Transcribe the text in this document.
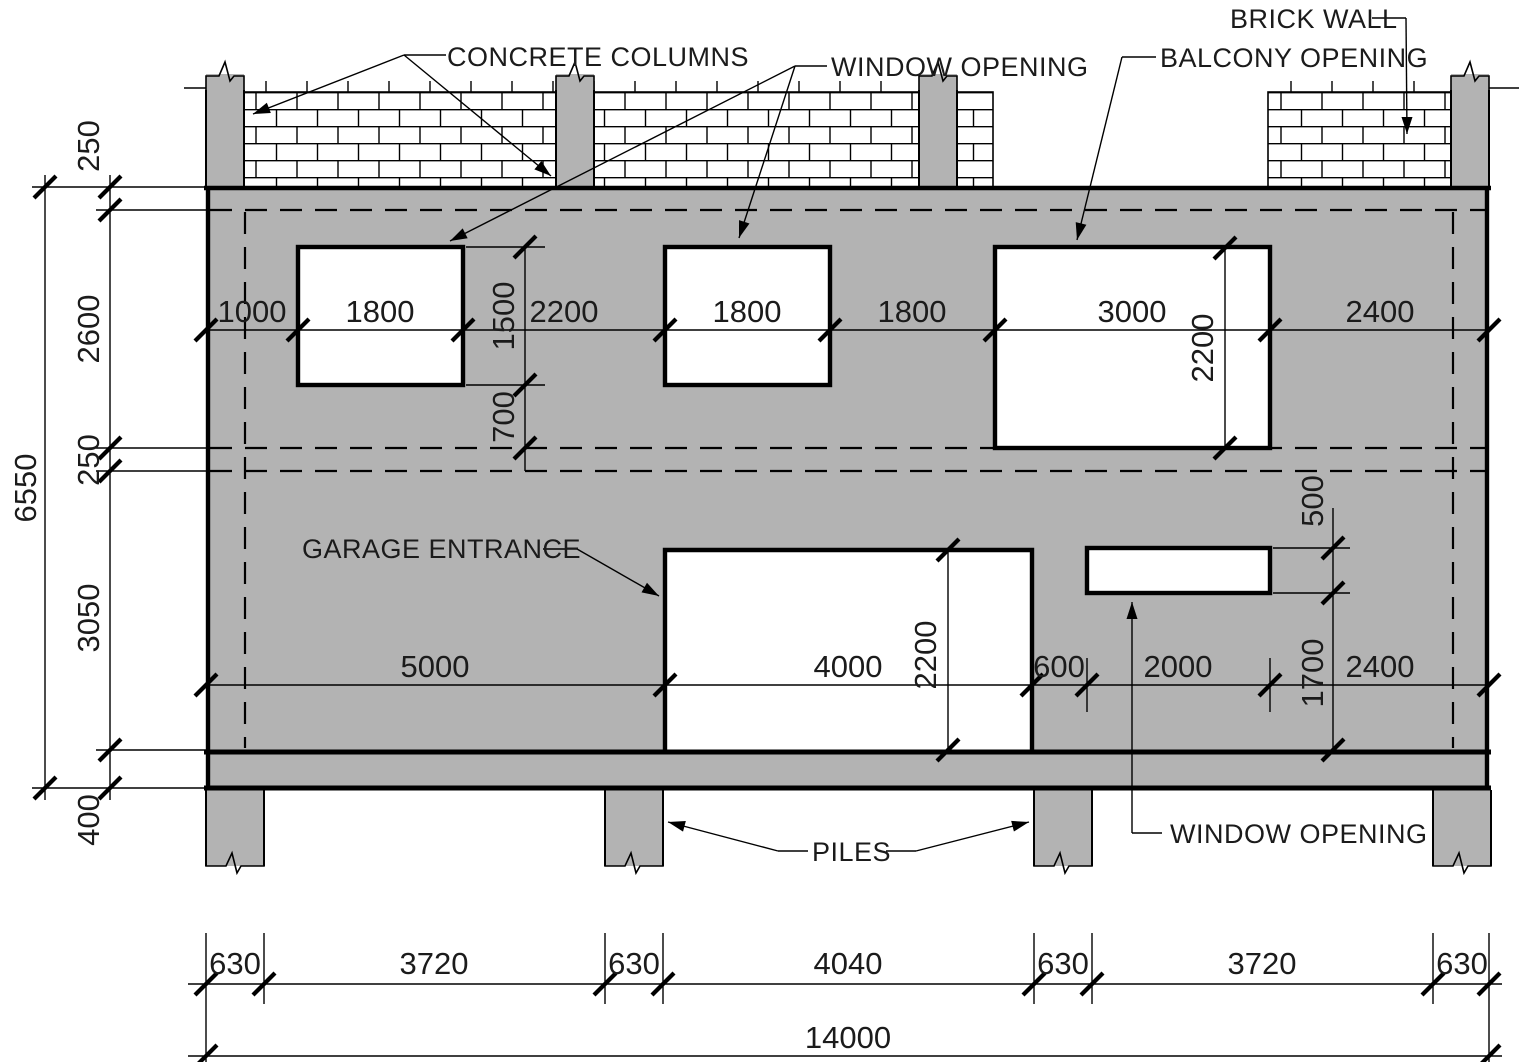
1000 1800	2200	1800	1800	3000	2400
5000	4000	600 2000	2400
630	3720	630	4040	630	3720	630
14000
250
2600
250
3050
400
6550
1500
700
2200
2200
500
1700
CONCRETE COLUMNS	WINDOW OPENING	BALCONY OPENING
BRICK WALL
GARAGE ENTRANCE
PILES
WINDOW OPENING
